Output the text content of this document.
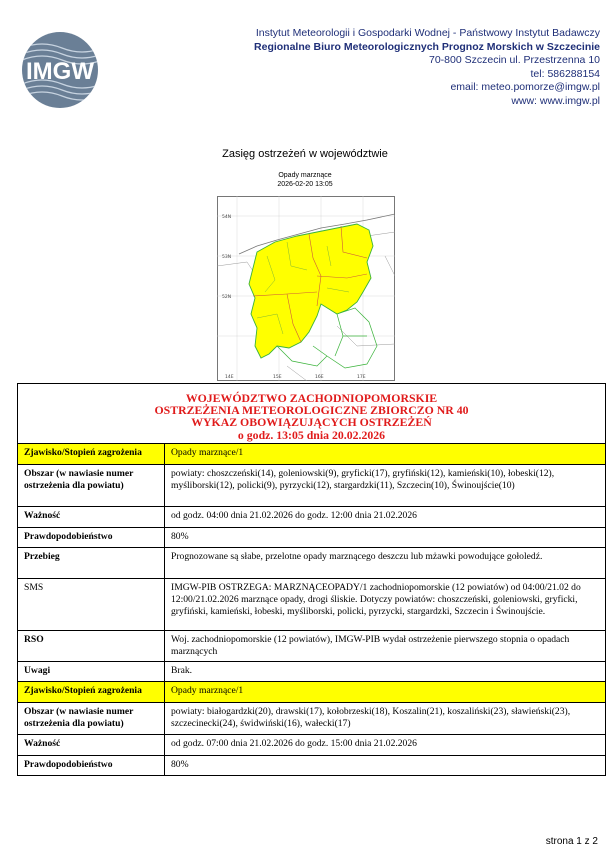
IMGW
Instytut Meteorologii i Gospodarki Wodnej - Państwowy Instytut Badawczy
Regionalne Biuro Meteorologicznych Prognoz Morskich w Szczecinie
70-800 Szczecin ul. Przestrzenna 10
tel: 586288154
email: meteo.pomorze@imgw.pl
www: www.imgw.pl
Zasięg ostrzeżeń w województwie
Opady marznące
2026-02-20 13:05
54N
53N
52N
14E	15E	16E	17E
WOJEWÓDZTWO ZACHODNIOPOMORSKIE
OSTRZEŻENIA METEOROLOGICZNE ZBIORCZO NR 40
WYKAZ OBOWIĄZUJĄCYCH OSTRZEŻEŃ
o godz. 13:05 dnia 20.02.2026	

Zjawisko/Stopień zagrożenia	Opady marznące/1
Obszar (w nawiasie numer ostrzeżenia dla powiatu)	powiaty: choszczeński(14), goleniowski(9), gryficki(17), gryfiński(12), kamieński(10), łobeski(12), myśliborski(12), policki(9), pyrzycki(12), stargardzki(11), Szczecin(10), Świnoujście(10)
Ważność	od godz. 04:00 dnia 21.02.2026 do godz. 12:00 dnia 21.02.2026
Prawdopodobieństwo	80%
Przebieg	Prognozowane są słabe, przelotne opady marznącego deszczu lub mżawki powodujące gołoledź.
SMS	IMGW-PIB OSTRZEGA: MARZNĄCEOPADY/1 zachodniopomorskie (12 powiatów) od 04:00/21.02 do 12:00/21.02.2026 marznące opady, drogi śliskie. Dotyczy powiatów: choszczeński, goleniowski, gryficki, gryfiński, kamieński, łobeski, myśliborski, policki, pyrzycki, stargardzki, Szczecin i Świnoujście.
RSO	Woj. zachodniopomorskie (12 powiatów), IMGW-PIB wydał ostrzeżenie pierwszego stopnia o opadach marznących
Uwagi	Brak.
Zjawisko/Stopień zagrożenia	Opady marznące/1
Obszar (w nawiasie numer ostrzeżenia dla powiatu)	powiaty: białogardzki(20), drawski(17), kołobrzeski(18), Koszalin(21), koszaliński(23), sławieński(23), szczecinecki(24), świdwiński(16), wałecki(17)
Ważność	od godz. 07:00 dnia 21.02.2026 do godz. 15:00 dnia 21.02.2026
Prawdopodobieństwo	80%
strona 1 z 2
